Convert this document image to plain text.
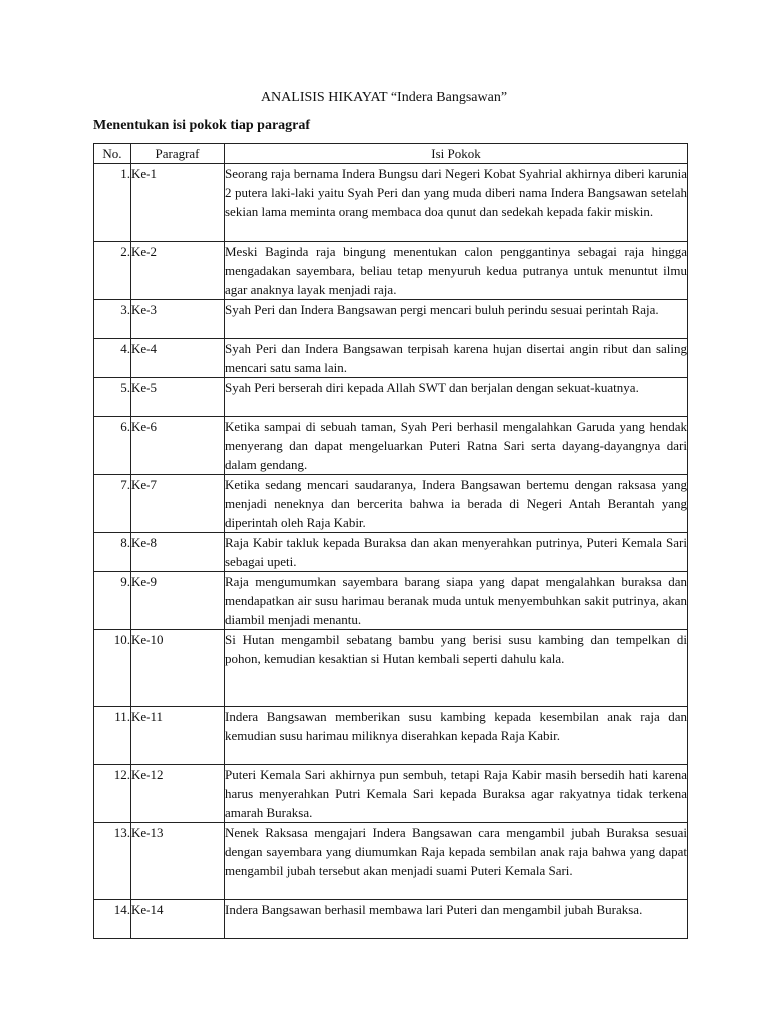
ANALISIS HIKAYAT “Indera Bangsawan”
Menentukan isi pokok tiap paragraf
No.	Paragraf	Isi Pokok
1.	Ke-1	Seorang raja bernama Indera Bungsu dari Negeri Kobat Syahrial akhirnya diberi karunia 2 putera laki-laki yaitu Syah Peri dan yang muda diberi nama Indera Bangsawan setelah sekian lama meminta orang membaca doa qunut dan sedekah kepada fakir miskin.
2.	Ke-2	Meski Baginda raja bingung menentukan calon penggantinya sebagai raja hingga mengadakan sayembara, beliau tetap menyuruh kedua putranya untuk menuntut ilmu agar anaknya layak menjadi raja.
3.	Ke-3	Syah Peri dan Indera Bangsawan pergi mencari buluh perindu sesuai perintah Raja.
4.	Ke-4	Syah Peri dan Indera Bangsawan terpisah karena hujan disertai angin ribut dan saling mencari satu sama lain.
5.	Ke-5	Syah Peri berserah diri kepada Allah SWT dan berjalan dengan sekuat-kuatnya.
6.	Ke-6	Ketika sampai di sebuah taman, Syah Peri berhasil mengalahkan Garuda yang hendak menyerang dan dapat mengeluarkan Puteri Ratna Sari serta dayang-dayangnya dari dalam gendang.
7.	Ke-7	Ketika sedang mencari saudaranya, Indera Bangsawan bertemu dengan raksasa yang menjadi neneknya dan bercerita bahwa ia berada di Negeri Antah Berantah yang diperintah oleh Raja Kabir.
8.	Ke-8	Raja Kabir takluk kepada Buraksa dan akan menyerahkan putrinya, Puteri Kemala Sari sebagai upeti.
9.	Ke-9	Raja mengumumkan sayembara barang siapa yang dapat mengalahkan buraksa dan mendapatkan air susu harimau beranak muda untuk menyembuhkan sakit putrinya, akan diambil menjadi menantu.
10.	Ke-10	Si Hutan mengambil sebatang bambu yang berisi susu kambing dan tempelkan di pohon, kemudian kesaktian si Hutan kembali seperti dahulu kala.
11.	Ke-11	Indera Bangsawan memberikan susu kambing kepada kesembilan anak raja dan kemudian susu harimau miliknya diserahkan kepada Raja Kabir.
12.	Ke-12	Puteri Kemala Sari akhirnya pun sembuh, tetapi Raja Kabir masih bersedih hati karena harus menyerahkan Putri Kemala Sari kepada Buraksa agar rakyatnya tidak terkena amarah Buraksa.
13.	Ke-13	Nenek Raksasa mengajari Indera Bangsawan cara mengambil jubah Buraksa sesuai dengan sayembara yang diumumkan Raja kepada sembilan anak raja bahwa yang dapat mengambil jubah tersebut akan menjadi suami Puteri Kemala Sari.
14.	Ke-14	Indera Bangsawan berhasil membawa lari Puteri dan mengambil jubah Buraksa.
